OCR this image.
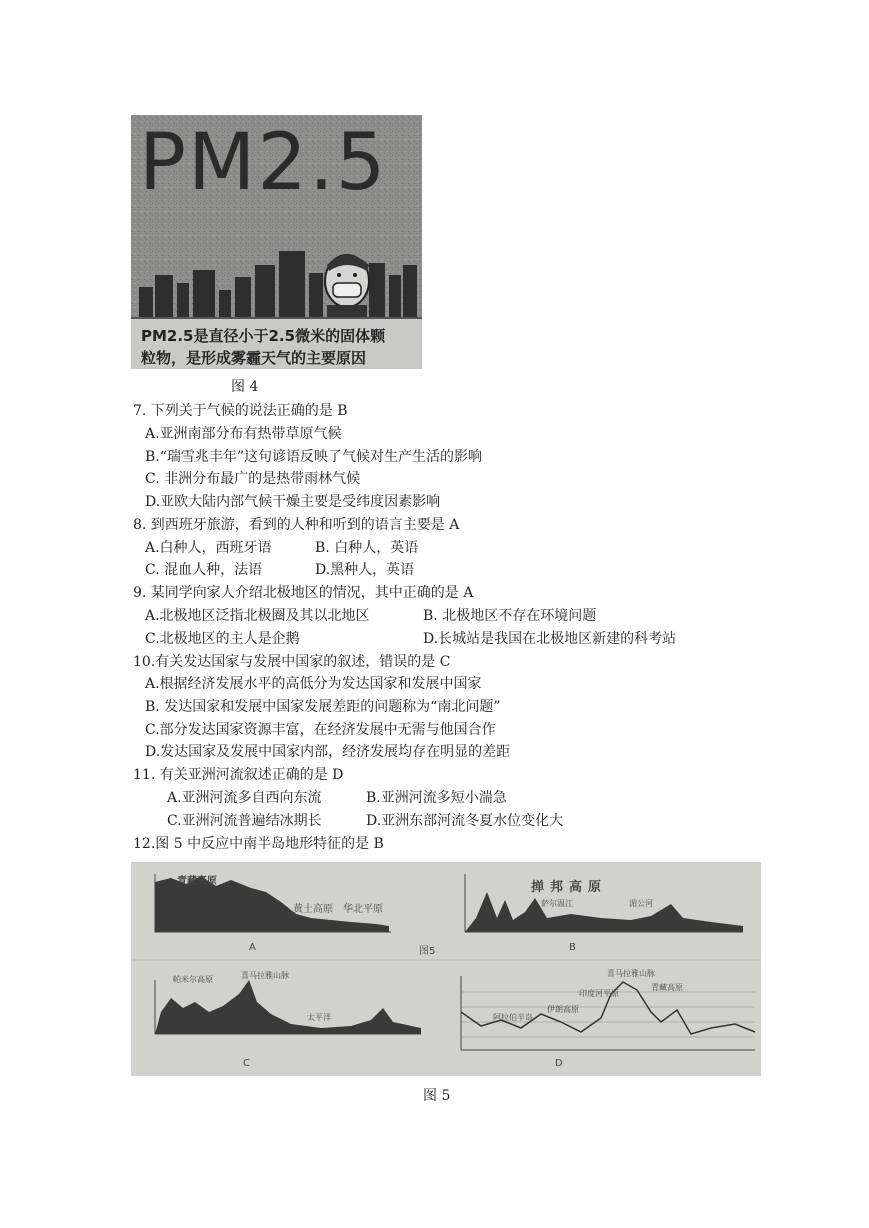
PM2.5
PM2.5是直径小于2.5微米的固体颗
粒物，是形成雾霾天气的主要原因
图 4
7. 下列关于气候的说法正确的是 B
A.亚洲南部分布有热带草原气候
B.“瑞雪兆丰年”这句谚语反映了气候对生产生活的影响
C. 非洲分布最广的是热带雨林气候
D.亚欧大陆内部气候干燥主要是受纬度因素影响
8. 到西班牙旅游，看到的人种和听到的语言主要是 A
A.白种人，西班牙语	B. 白种人，英语
C. 混血人种，法语	D.黑种人，英语
9. 某同学向家人介绍北极地区的情况，其中正确的是 A
A.北极地区泛指北极圈及其以北地区	B. 北极地区不存在环境问题
C.北极地区的主人是企鹅	D.长城站是我国在北极地区新建的科考站
10.有关发达国家与发展中国家的叙述，错误的是 C
A.根据经济发展水平的高低分为发达国家和发展中国家
B. 发达国家和发展中国家发展差距的问题称为“南北问题”
C.部分发达国家资源丰富，在经济发展中无需与他国合作
D.发达国家及发展中国家内部，经济发展均存在明显的差距
11. 有关亚洲河流叙述正确的是 D
A.亚洲河流多自西向东流	B.亚洲河流多短小湍急
C.亚洲河流普遍结冰期长	D.亚洲东部河流冬夏水位变化大
12.图 5 中反应中南半岛地形特征的是 B
青藏高原
黄土高原 华北平原
A
掸邦高原
萨尔温江	湄公河
B
图5
帕米尔高原	喜马拉雅山脉
太平洋
C
阿拉伯半岛
伊朗高原
印度河平原
喜马拉雅山脉
青藏高原
D
图 5
